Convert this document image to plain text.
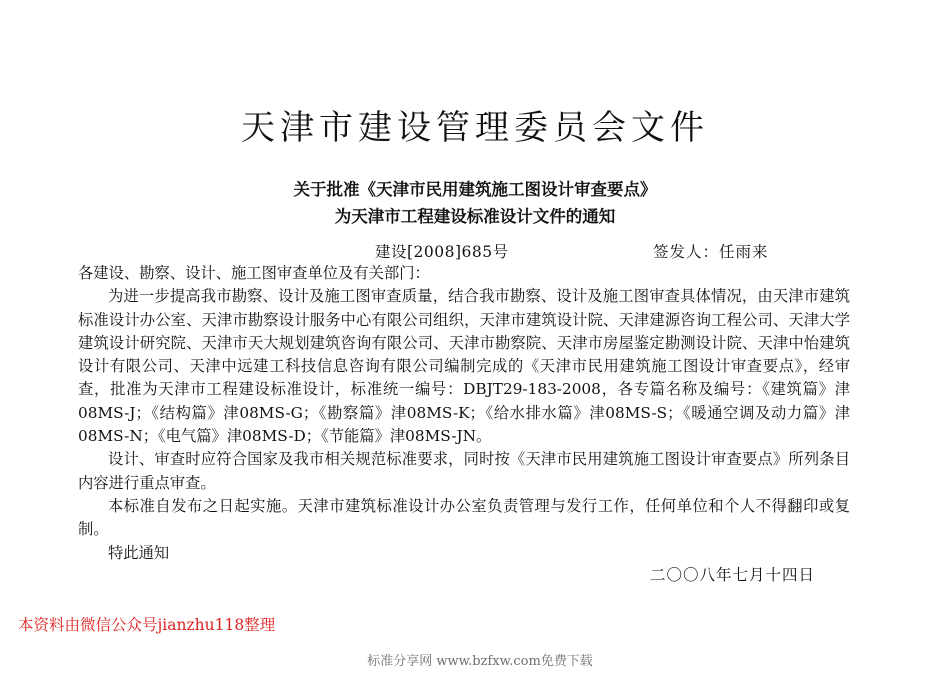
天津市建设管理委员会文件
关于批准《天津市民用建筑施工图设计审查要点》
为天津市工程建设标准设计文件的通知
建设[2008]685号	签发人：任雨来

各建设、勘察、设计、施工图审查单位及有关部门：

为进一步提高我市勘察、设计及施工图审查质量，结合我市勘察、设计及施工图审查具体情况，由天津市建筑标准设计办公室、天津市勘察设计服务中心有限公司组织，天津市建筑设计院、天津建源咨询工程公司、天津大学建筑设计研究院、天津市天大规划建筑咨询有限公司、天津市勘察院、天津市房屋鉴定勘测设计院、天津中怡建筑设计有限公司、天津中远建工科技信息咨询有限公司编制完成的《天津市民用建筑施工图设计审查要点》，经审查，批准为天津市工程建设标准设计，标准统一编号：DBJT29-183-2008，各专篇名称及编号：《建筑篇》津08MS-J；《结构篇》津08MS-G；《勘察篇》津08MS-K；《给水排水篇》津08MS-S；《暖通空调及动力篇》津08MS-N；《电气篇》津08MS-D；《节能篇》津08MS-JN。

设计、审查时应符合国家及我市相关规范标准要求，同时按《天津市民用建筑施工图设计审查要点》所列条目内容进行重点审查。

本标准自发布之日起实施。天津市建筑标准设计办公室负责管理与发行工作，任何单位和个人不得翻印或复制。

特此通知

二〇〇八年七月十四日
本资料由微信公众号jianzhu118整理
标准分享网 www.bzfxw.com免费下载
